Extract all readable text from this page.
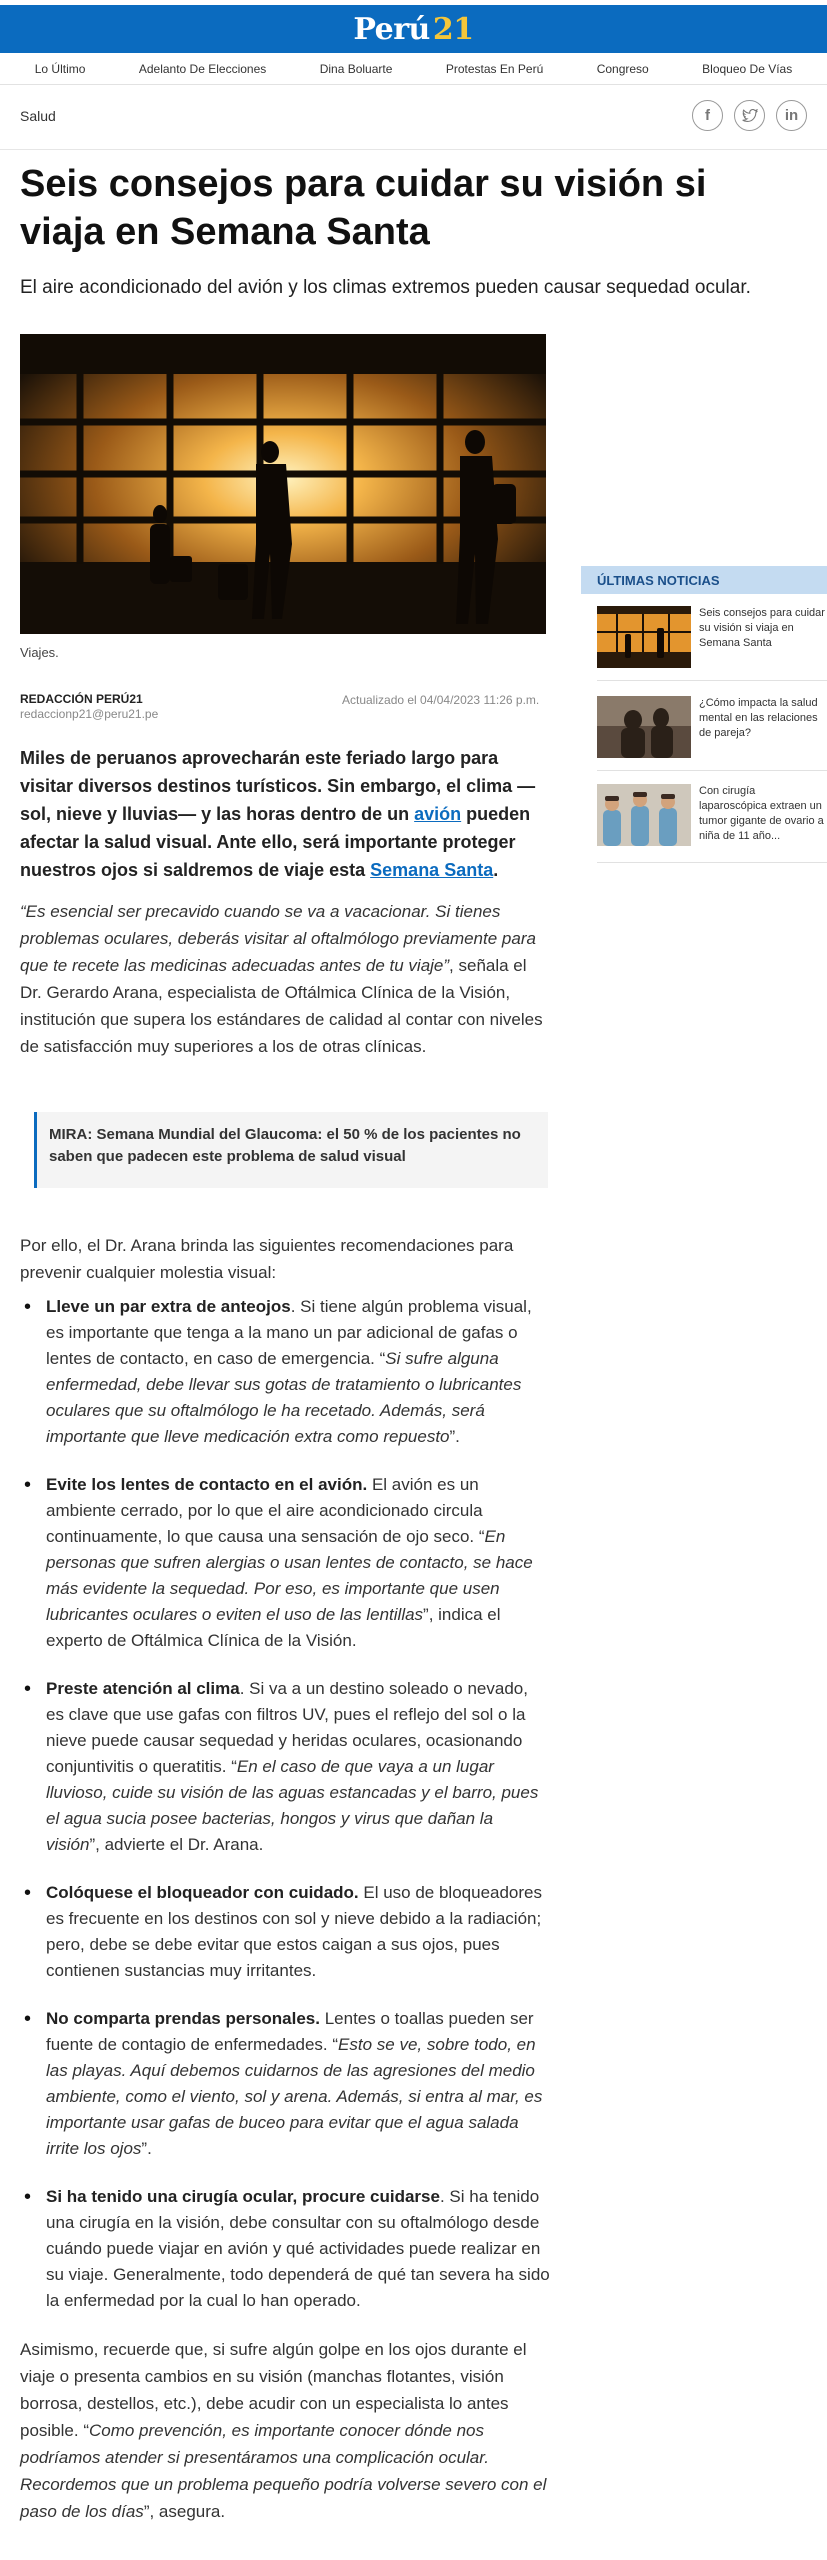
Perú 21
Lo Último	Adelanto De Elecciones	Dina Boluarte	Protestas En Perú	Congreso	Bloqueo De Vías
Salud	f	in
Seis consejos para cuidar su visión si viaja en Semana Santa

El aire acondicionado del avión y los climas extremos pueden causar sequedad ocular.

Viajes.

REDACCIÓN PERÚ21
redaccionp21@peru21.pe
Actualizado el 04/04/2023 11:26 p.m.

Miles de peruanos aprovecharán este feriado largo para visitar diversos destinos turísticos. Sin embargo, el clima —sol, nieve y lluvias— y las horas dentro de un avión pueden afectar la salud visual. Ante ello, será importante proteger nuestros ojos si saldremos de viaje esta Semana Santa.

“Es esencial ser precavido cuando se va a vacacionar. Si tienes problemas oculares, deberás visitar al oftalmólogo previamente para que te recete las medicinas adecuadas antes de tu viaje”, señala el Dr. Gerardo Arana, especialista de Oftálmica Clínica de la Visión, institución que supera los estándares de calidad al contar con niveles de satisfacción muy superiores a los de otras clínicas.

MIRA: Semana Mundial del Glaucoma: el 50 % de los pacientes no saben que padecen este problema de salud visual

Por ello, el Dr. Arana brinda las siguientes recomendaciones para prevenir cualquier molestia visual:

• Lleve un par extra de anteojos. Si tiene algún problema visual, es importante que tenga a la mano un par adicional de gafas o lentes de contacto, en caso de emergencia. “Si sufre alguna enfermedad, debe llevar sus gotas de tratamiento o lubricantes oculares que su oftalmólogo le ha recetado. Además, será importante que lleve medicación extra como repuesto”.
• Evite los lentes de contacto en el avión. El avión es un ambiente cerrado, por lo que el aire acondicionado circula continuamente, lo que causa una sensación de ojo seco. “En personas que sufren alergias o usan lentes de contacto, se hace más evidente la sequedad. Por eso, es importante que usen lubricantes oculares o eviten el uso de las lentillas”, indica el experto de Oftálmica Clínica de la Visión.
• Preste atención al clima. Si va a un destino soleado o nevado, es clave que use gafas con filtros UV, pues el reflejo del sol o la nieve puede causar sequedad y heridas oculares, ocasionando conjuntivitis o queratitis. “En el caso de que vaya a un lugar lluvioso, cuide su visión de las aguas estancadas y el barro, pues el agua sucia posee bacterias, hongos y virus que dañan la visión”, advierte el Dr. Arana.
• Colóquese el bloqueador con cuidado. El uso de bloqueadores es frecuente en los destinos con sol y nieve debido a la radiación; pero, debe se debe evitar que estos caigan a sus ojos, pues contienen sustancias muy irritantes.
• No comparta prendas personales. Lentes o toallas pueden ser fuente de contagio de enfermedades. “Esto se ve, sobre todo, en las playas. Aquí debemos cuidarnos de las agresiones del medio ambiente, como el viento, sol y arena. Además, si entra al mar, es importante usar gafas de buceo para evitar que el agua salada irrite los ojos”.
• Si ha tenido una cirugía ocular, procure cuidarse. Si ha tenido una cirugía en la visión, debe consultar con su oftalmólogo desde cuándo puede viajar en avión y qué actividades puede realizar en su viaje. Generalmente, todo dependerá de qué tan severa ha sido la enfermedad por la cual lo han operado.

Asimismo, recuerde que, si sufre algún golpe en los ojos durante el viaje o presenta cambios en su visión (manchas flotantes, visión borrosa, destellos, etc.), debe acudir con un especialista lo antes posible. “Como prevención, es importante conocer dónde nos podríamos atender si presentáramos una complicación ocular. Recordemos que un problema pequeño podría volverse severo con el paso de los días”, asegura.

ÚLTIMAS NOTICIAS
Seis consejos para cuidar su visión si viaja en Semana Santa
¿Cómo impacta la salud mental en las relaciones de pareja?
Con cirugía laparoscópica extraen un tumor gigante de ovario a niña de 11 año...
